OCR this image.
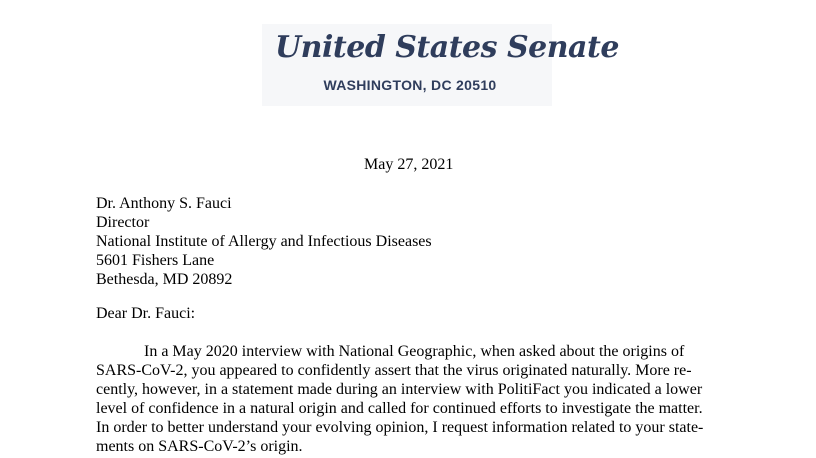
United States Senate
WASHINGTON, DC 20510
May 27, 2021
Dr. Anthony S. Fauci
Director
National Institute of Allergy and Infectious Diseases
5601 Fishers Lane
Bethesda, MD 20892
Dear Dr. Fauci:
In a May 2020 interview with National Geographic, when asked about the origins of
SARS-CoV-2, you appeared to confidently assert that the virus originated naturally. More re-
cently, however, in a statement made during an interview with PolitiFact you indicated a lower
level of confidence in a natural origin and called for continued efforts to investigate the matter.
In order to better understand your evolving opinion, I request information related to your state-
ments on SARS-CoV-2’s origin.
